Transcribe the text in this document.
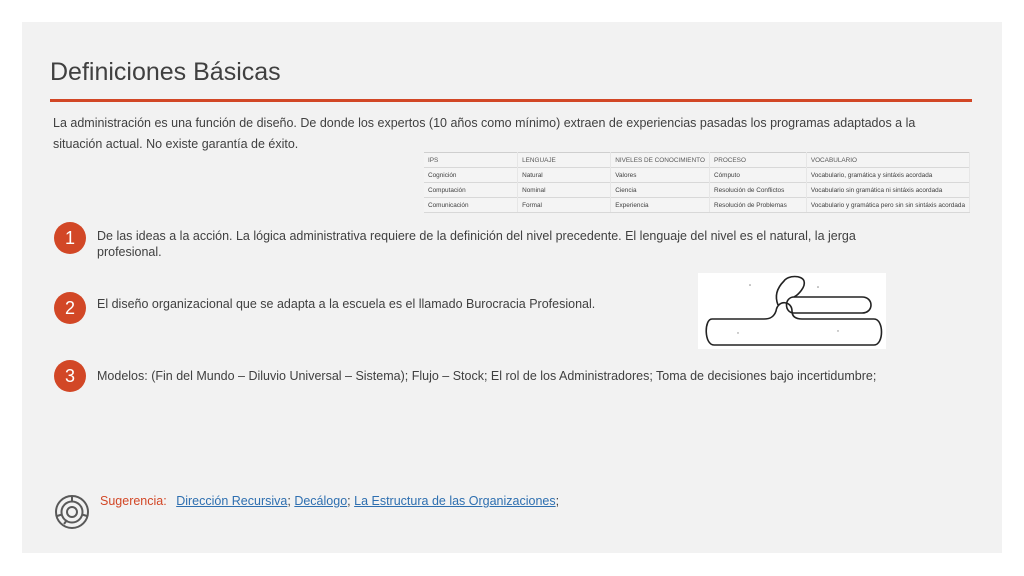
Definiciones Básicas

La administración es una función de diseño. De donde los expertos (10 años como mínimo) extraen de experiencias pasadas los programas adaptados a la situación actual. No existe garantía de éxito.

IPS	LENGUAJE	NIVELES DE CONOCIMIENTO	PROCESO	VOCABULARIO
Cognición	Natural	Valores	Cómputo	Vocabulario, gramática y sintáxis acordada
Computación	Nominal	Ciencia	Resolución de Conflictos	Vocabulario sin gramática ni sintáxis acordada
Comunicación	Formal	Experiencia	Resolución de Problemas	Vocabulario y gramática pero sin sin sintáxis acordada
1	De las ideas a la acción. La lógica administrativa requiere de la definición del nivel precedente. El lenguaje del nivel es el natural, la jerga profesional.

2	El diseño organizacional que se adapta a la escuela es el llamado Burocracia Profesional.

3	Modelos: (Fin del Mundo – Diluvio Universal – Sistema); Flujo – Stock; El rol de los Administradores; Toma de decisiones bajo incertidumbre;

Sugerencia: Dirección Recursiva; Decálogo; La Estructura de las Organizaciones;
